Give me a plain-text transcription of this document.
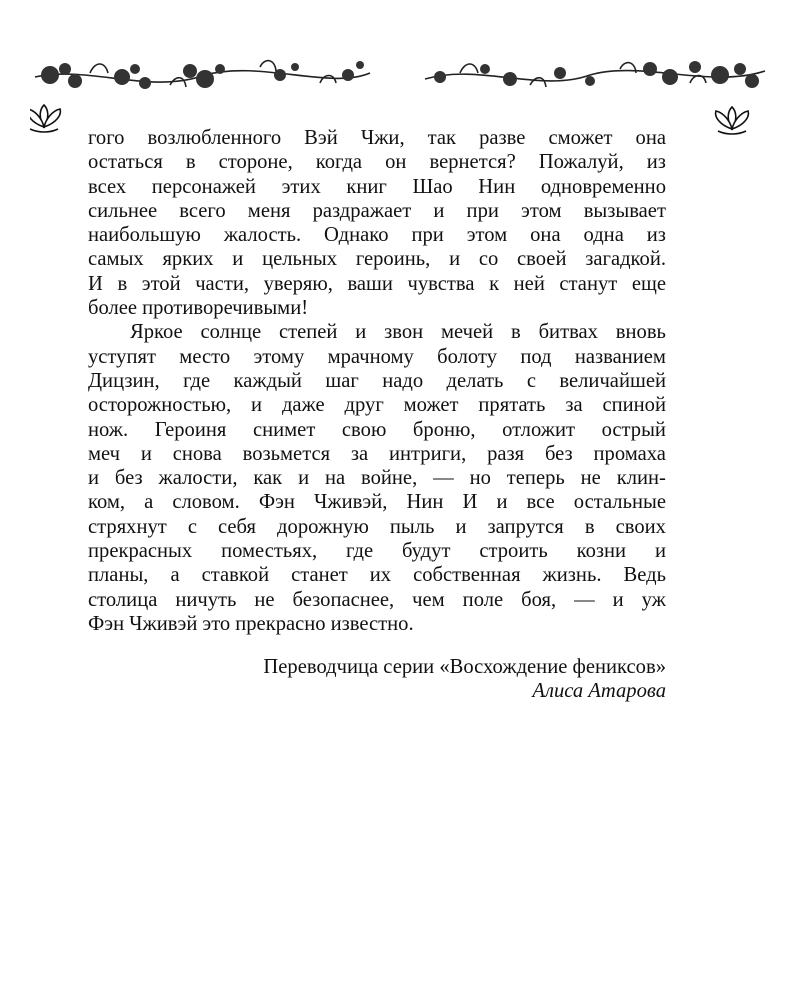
гого возлюбленного Вэй Чжи, так разве сможет она
остаться в стороне, когда он вернется? Пожалуй, из
всех персонажей этих книг Шао Нин одновременно
сильнее всего меня раздражает и при этом вызывает
наибольшую жалость. Однако при этом она одна из
самых ярких и цельных героинь, и со своей загадкой.
И в этой части, уверяю, ваши чувства к ней станут еще
более противоречивыми!
Яркое солнце степей и звон мечей в битвах вновь
уступят место этому мрачному болоту под названием
Дицзин, где каждый шаг надо делать с величайшей
осторожностью, и даже друг может прятать за спиной
нож. Героиня снимет свою броню, отложит острый
меч и снова возьмется за интриги, разя без промаха
и без жалости, как и на войне, — но теперь не клин-
ком, а словом. Фэн Чживэй, Нин И и все остальные
стряхнут с себя дорожную пыль и запрутся в своих
прекрасных поместьях, где будут строить козни и
планы, а ставкой станет их собственная жизнь. Ведь
столица ничуть не безопаснее, чем поле боя, — и уж
Фэн Чживэй это прекрасно известно.
Переводчица серии «Восхождение фениксов»
Алиса Атарова
